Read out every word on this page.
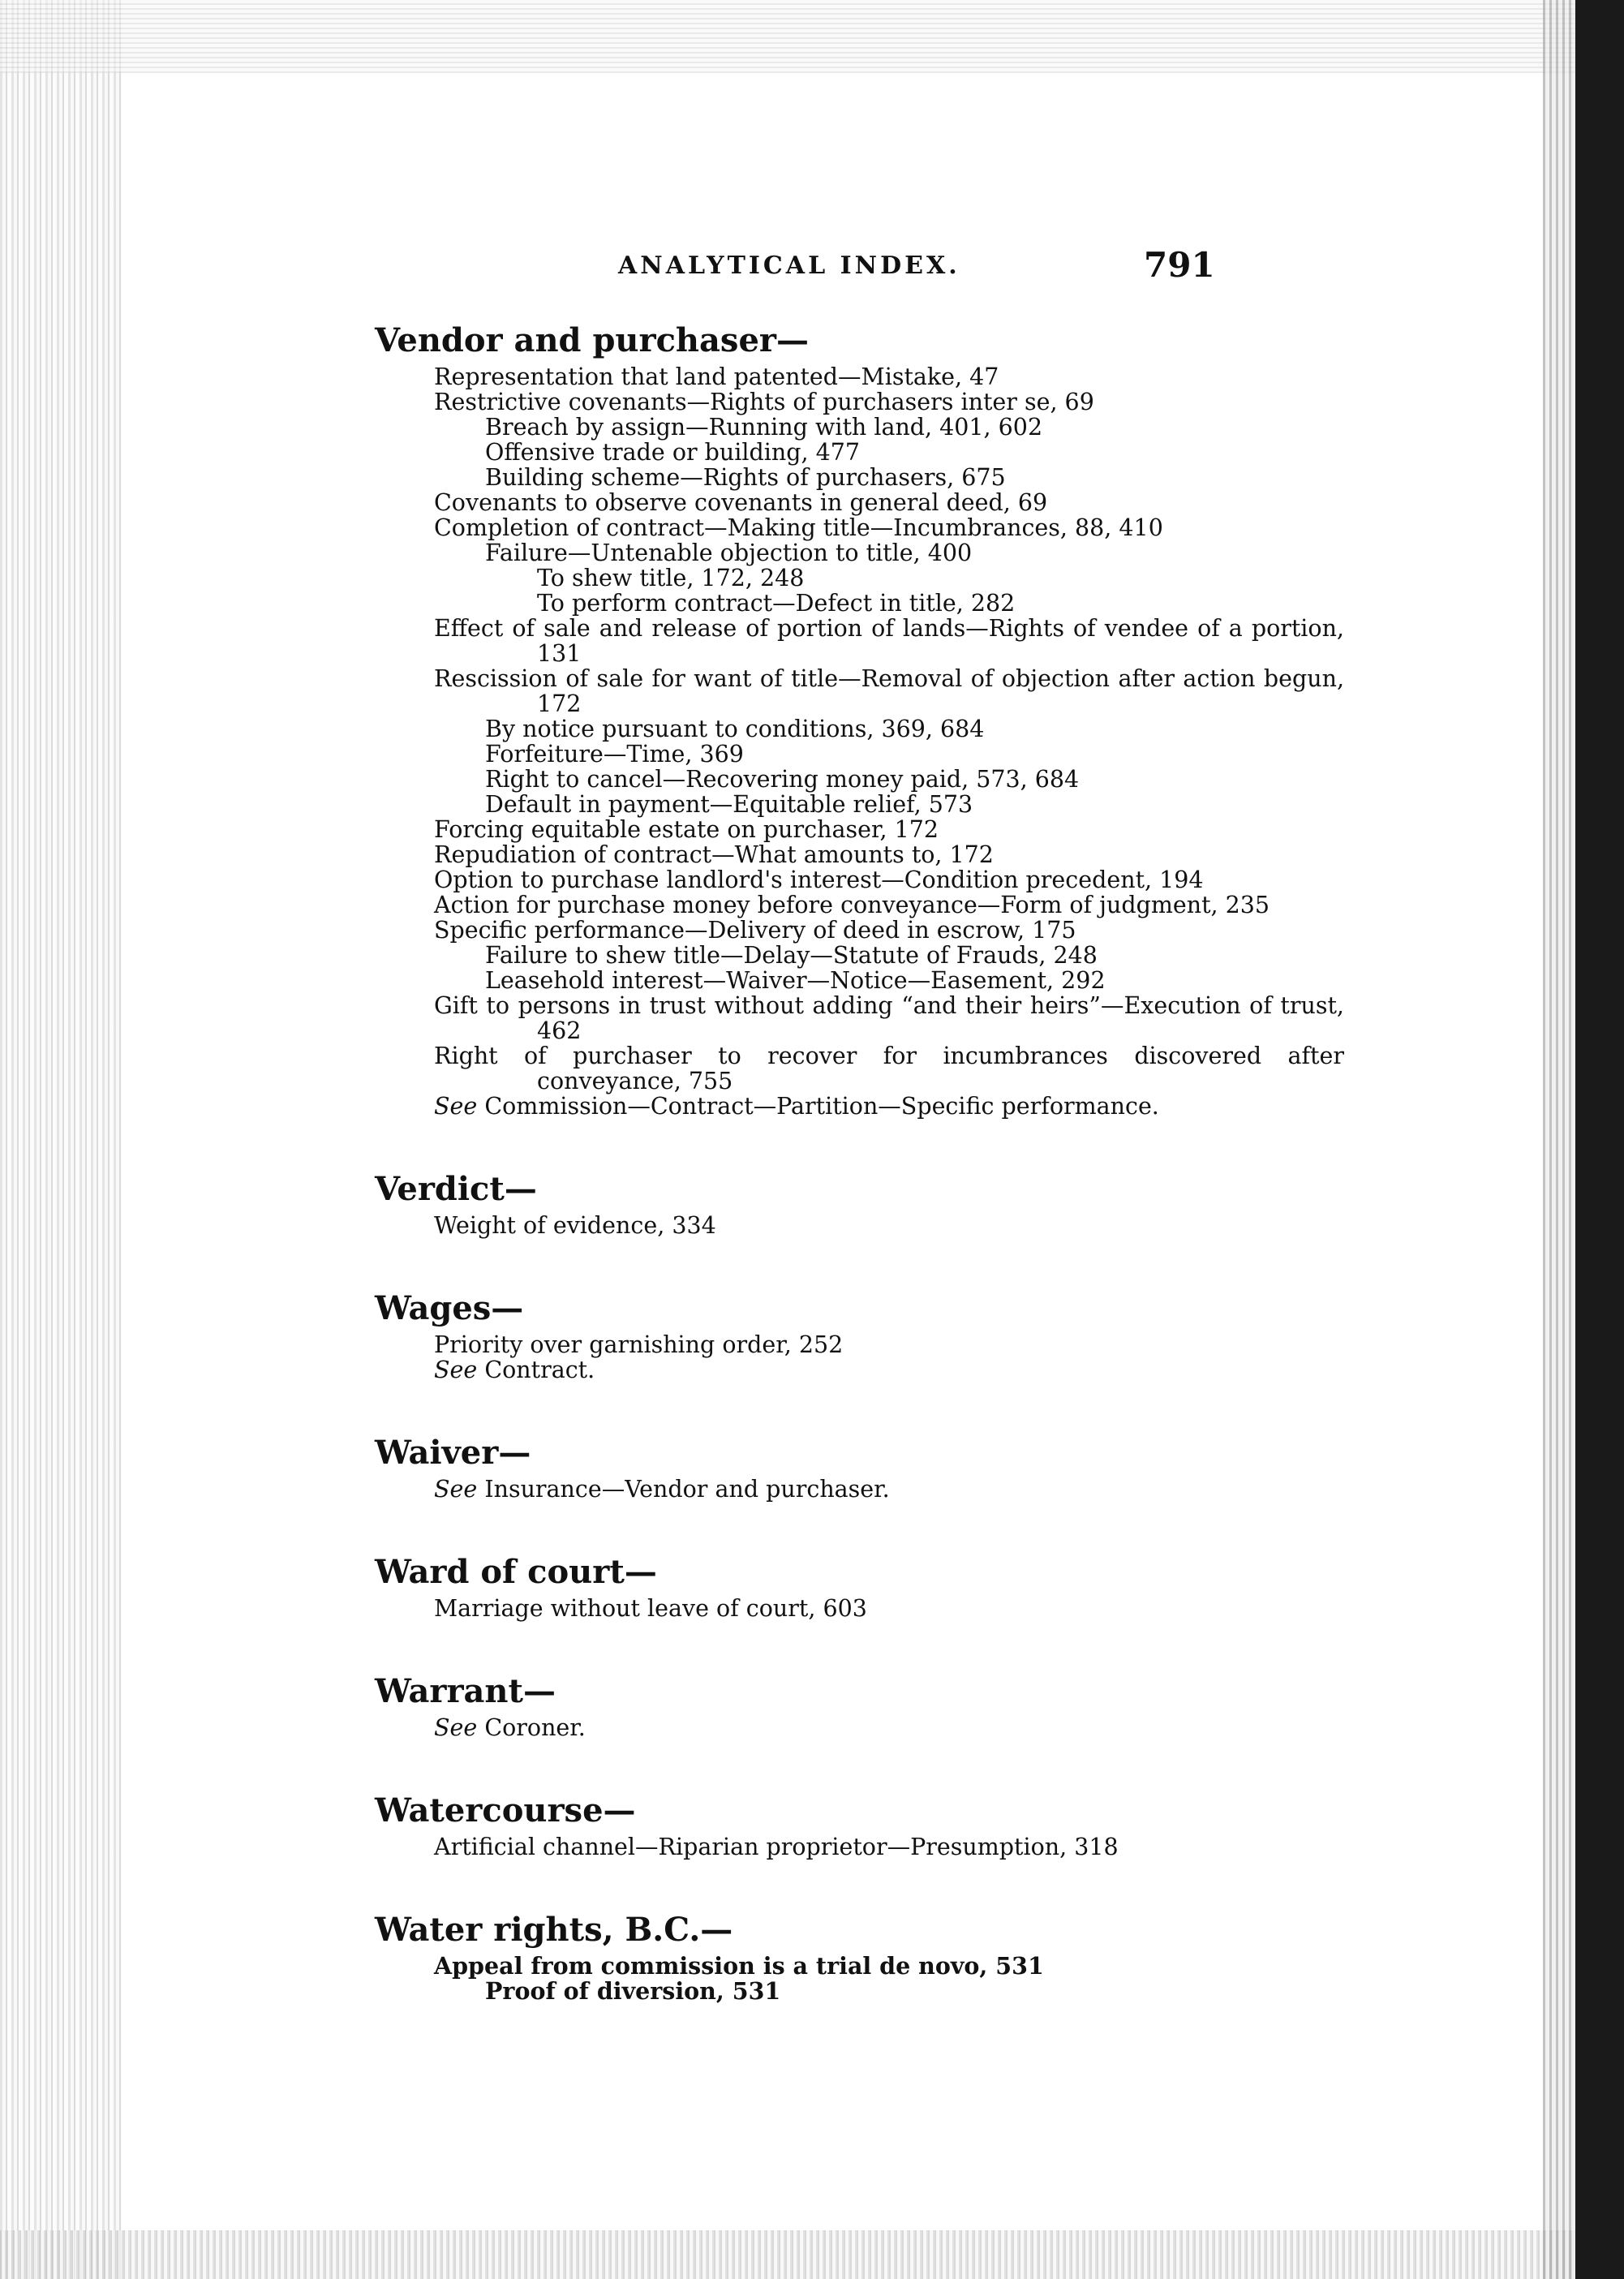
ANALYTICAL INDEX.	791
Vendor and purchaser—

Representation that land patented—Mistake, 47

Restrictive covenants—Rights of purchasers inter se, 69

Breach by assign—Running with land, 401, 602

Offensive trade or building, 477

Building scheme—Rights of purchasers, 675

Covenants to observe covenants in general deed, 69

Completion of contract—Making title—Incumbrances, 88, 410

Failure—Untenable objection to title, 400

To shew title, 172, 248

To perform contract—Defect in title, 282

Effect of sale and release of portion of lands—Rights of vendee of a portion, 131

Rescission of sale for want of title—Removal of objection after action begun, 172

By notice pursuant to conditions, 369, 684

Forfeiture—Time, 369

Right to cancel—Recovering money paid, 573, 684

Default in payment—Equitable relief, 573

Forcing equitable estate on purchaser, 172

Repudiation of contract—What amounts to, 172

Option to purchase landlord's interest—Condition precedent, 194

Action for purchase money before conveyance—Form of judgment, 235

Specific performance—Delivery of deed in escrow, 175

Failure to shew title—Delay—Statute of Frauds, 248

Leasehold interest—Waiver—Notice—Easement, 292

Gift to persons in trust without adding “and their heirs”—Execution of trust, 462

Right of purchaser to recover for incumbrances discovered after conveyance, 755

See Commission—Contract—Partition—Specific performance.

Verdict—

Weight of evidence, 334

Wages—

Priority over garnishing order, 252

See Contract.

Waiver—

See Insurance—Vendor and purchaser.

Ward of court—

Marriage without leave of court, 603

Warrant—

See Coroner.

Watercourse—

Artificial channel—Riparian proprietor—Presumption, 318

Water rights, B.C.—

Appeal from commission is a trial de novo, 531

Proof of diversion, 531
